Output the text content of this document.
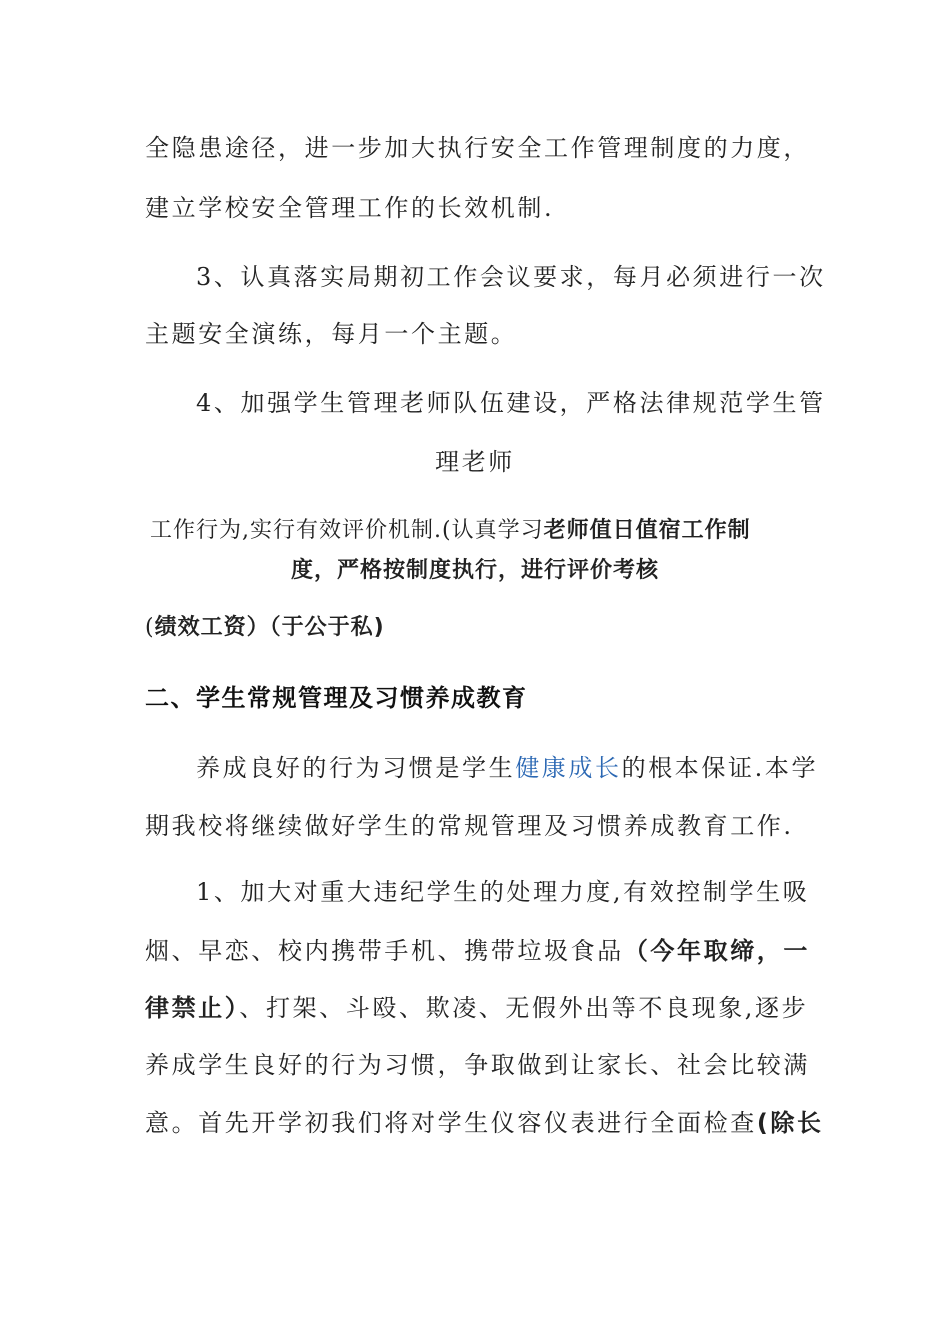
全隐患途径，进一步加大执行安全工作管理制度的力度，
建立学校安全管理工作的长效机制.
3、认真落实局期初工作会议要求，每月必须进行一次
主题安全演练，每月一个主题。
4、加强学生管理老师队伍建设，严格法律规范学生管
理老师
工作行为,实行有效评价机制.(认真学习老师值日值宿工作制
度，严格按制度执行，进行评价考核
(绩效工资）（于公于私)
二、学生常规管理及习惯养成教育
养成良好的行为习惯是学生健康成长的根本保证.本学
期我校将继续做好学生的常规管理及习惯养成教育工作.
1、加大对重大违纪学生的处理力度,有效控制学生吸
烟、早恋、校内携带手机、携带垃圾食品（今年取缔，一
律禁止）、打架、斗殴、欺凌、无假外出等不良现象,逐步
养成学生良好的行为习惯，争取做到让家长、社会比较满
意。首先开学初我们将对学生仪容仪表进行全面检查(除长
